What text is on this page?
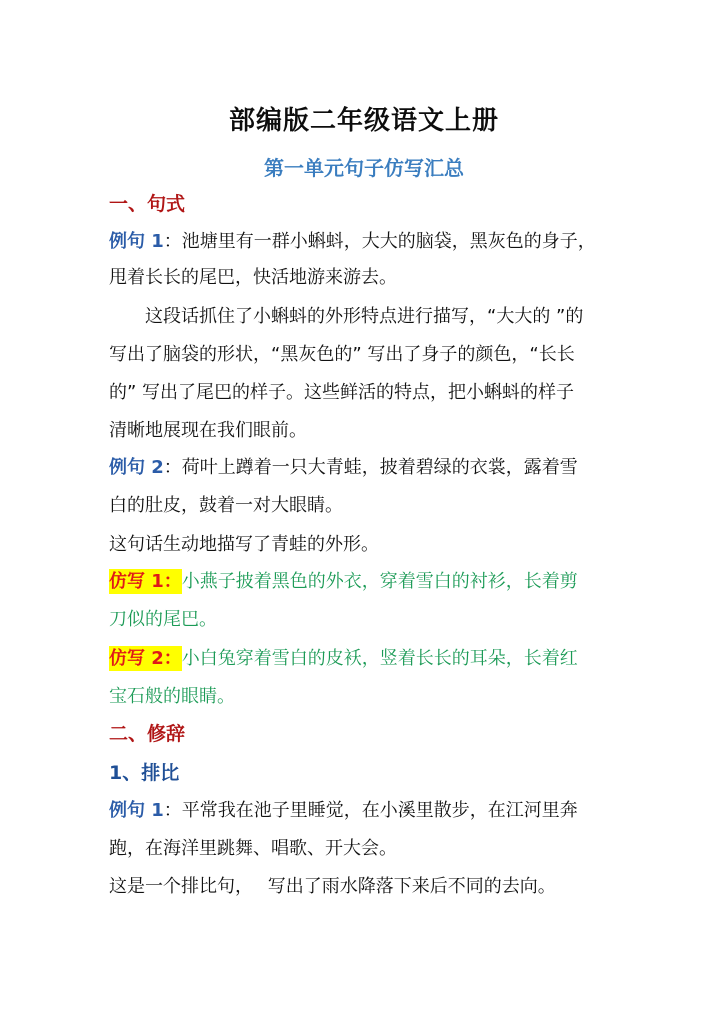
部编版二年级语文上册
第一单元句子仿写汇总
一、句式
例句 1：池塘里有一群小蝌蚪，大大的脑袋，黑灰色的身子，
甩着长长的尾巴，快活地游来游去。
　　这段话抓住了小蝌蚪的外形特点进行描写，“大大的 ”的
写出了脑袋的形状，“黑灰色的” 写出了身子的颜色，“长长
的” 写出了尾巴的样子。这些鲜活的特点，把小蝌蚪的样子
清晰地展现在我们眼前。
例句 2：荷叶上蹲着一只大青蛙，披着碧绿的衣裳，露着雪
白的肚皮，鼓着一对大眼睛。
这句话生动地描写了青蛙的外形。
仿写 1：小燕子披着黑色的外衣，穿着雪白的衬衫，长着剪
刀似的尾巴。
仿写 2：小白兔穿着雪白的皮袄，竖着长长的耳朵，长着红
宝石般的眼睛。
二、修辞
1、排比
例句 1：平常我在池子里睡觉，在小溪里散步，在江河里奔
跑，在海洋里跳舞、唱歌、开大会。
这是一个排比句，　 写出了雨水降落下来后不同的去向。
